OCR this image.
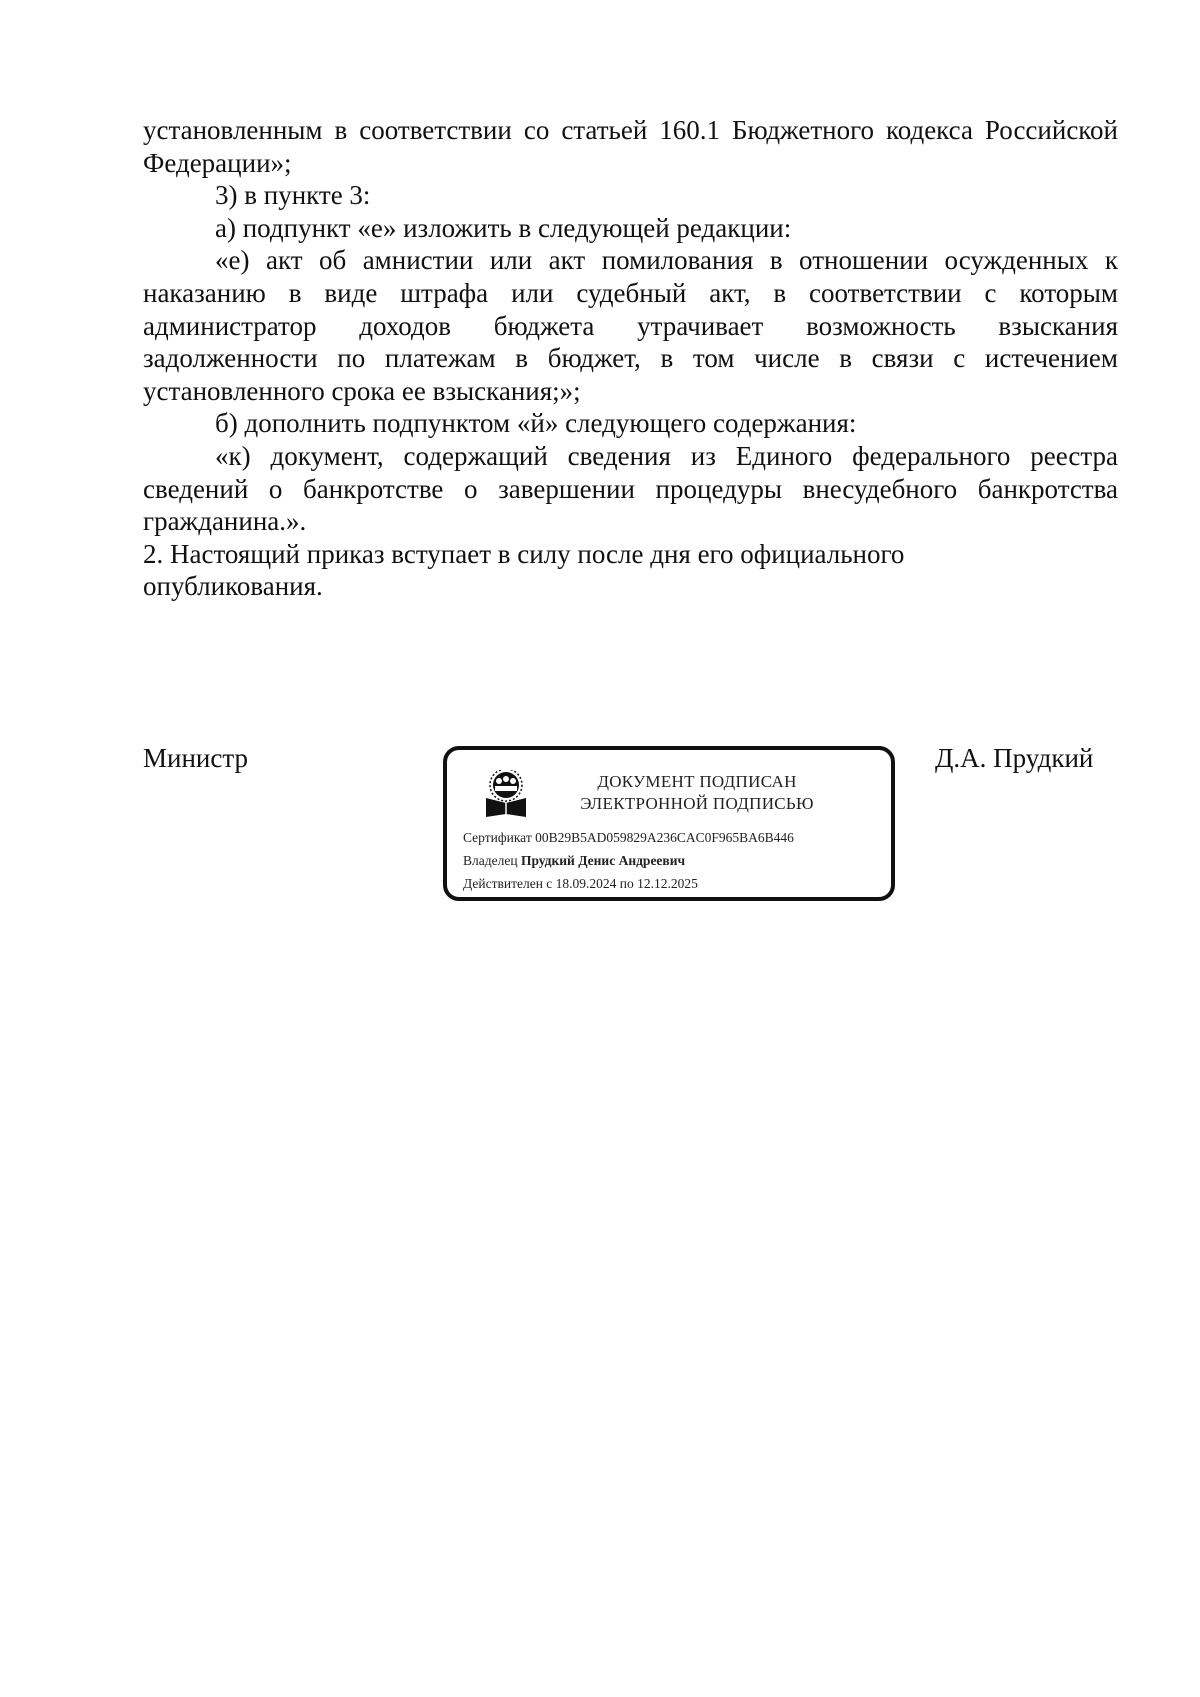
установленным в соответствии со статьей 160.1 Бюджетного кодекса Российской Федерации»;

3) в пункте 3:

а) подпункт «е» изложить в следующей редакции:

«е) акт об амнистии или акт помилования в отношении осужденных к наказанию в виде штрафа или судебный акт, в соответствии с которым администратор доходов бюджета утрачивает возможность взыскания задолженности по платежам в бюджет, в том числе в связи с истечением установленного срока ее взыскания;»;

б) дополнить подпунктом «й» следующего содержания:

«к) документ, содержащий сведения из Единого федерального реестра сведений о банкротстве о завершении процедуры внесудебного банкротства гражданина.».

2. Настоящий приказ вступает в силу после дня его официального

опубликования.

Министр
ДОКУМЕНТ ПОДПИСАН
ЭЛЕКТРОННОЙ ПОДПИСЬЮ
Сертификат 00B29B5AD059829A236CAC0F965BA6B446
Владелец Прудкий Денис Андреевич
Действителен с 18.09.2024 по 12.12.2025
Д.А. Прудкий
